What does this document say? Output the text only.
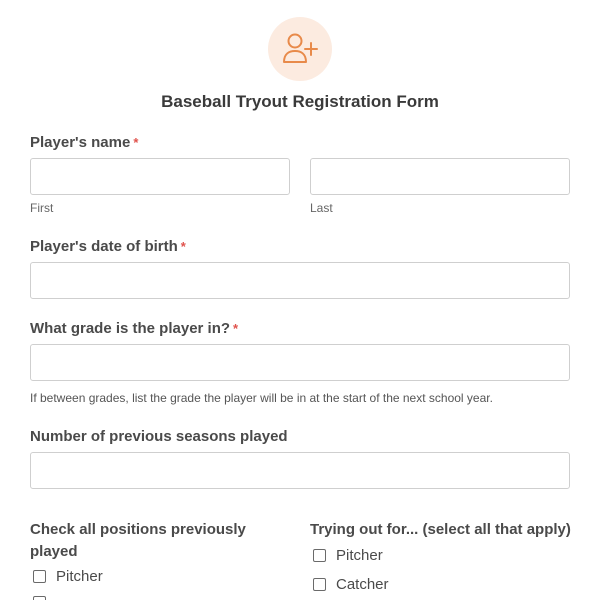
Baseball Tryout Registration Form
Player's name *
First	Last
Player's date of birth *
What grade is the player in? *
If between grades, list the grade the player will be in at the start of the next school year.
Number of previous seasons played
Check all positions previously played
Pitcher
Trying out for... (select all that apply)
Pitcher
Catcher
